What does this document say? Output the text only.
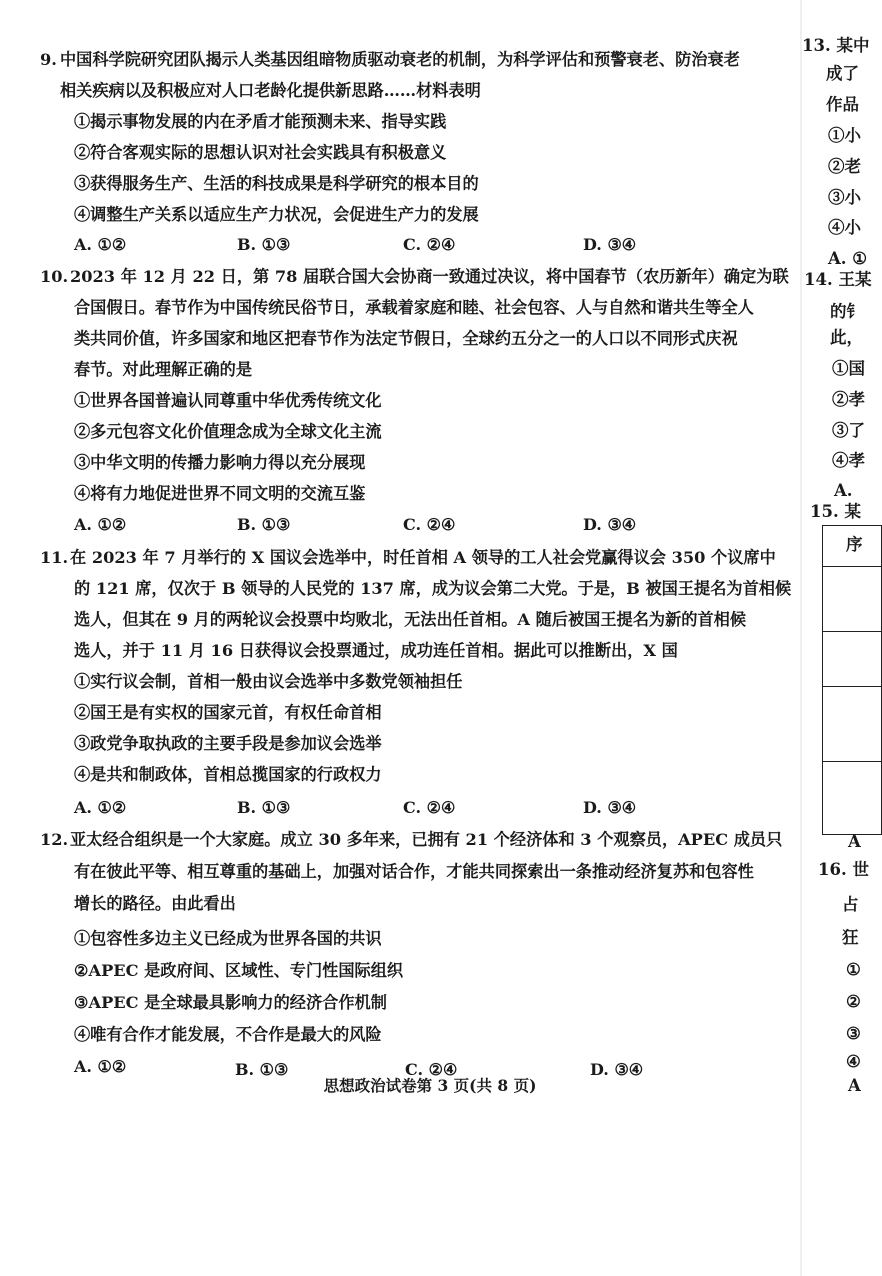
9. 中国科学院研究团队揭示人类基因组暗物质驱动衰老的机制，为科学评估和预警衰老、防治衰老
相关疾病以及积极应对人口老龄化提供新思路……材料表明
①揭示事物发展的内在矛盾才能预测未来、指导实践
②符合客观实际的思想认识对社会实践具有积极意义
③获得服务生产、生活的科技成果是科学研究的根本目的
④调整生产关系以适应生产力状况，会促进生产力的发展
A. ①②	B. ①③	C. ②④	D. ③④
10. 2023 年 12 月 22 日，第 78 届联合国大会协商一致通过决议，将中国春节（农历新年）确定为联
合国假日。春节作为中国传统民俗节日，承载着家庭和睦、社会包容、人与自然和谐共生等全人
类共同价值，许多国家和地区把春节作为法定节假日，全球约五分之一的人口以不同形式庆祝
春节。对此理解正确的是
①世界各国普遍认同尊重中华优秀传统文化
②多元包容文化价值理念成为全球文化主流
③中华文明的传播力影响力得以充分展现
④将有力地促进世界不同文明的交流互鉴
A. ①②	B. ①③	C. ②④	D. ③④
11. 在 2023 年 7 月举行的 X 国议会选举中，时任首相 A 领导的工人社会党赢得议会 350 个议席中
的 121 席，仅次于 B 领导的人民党的 137 席，成为议会第二大党。于是，B 被国王提名为首相候
选人，但其在 9 月的两轮议会投票中均败北，无法出任首相。A 随后被国王提名为新的首相候
选人，并于 11 月 16 日获得议会投票通过，成功连任首相。据此可以推断出，X 国
①实行议会制，首相一般由议会选举中多数党领袖担任
②国王是有实权的国家元首，有权任命首相
③政党争取执政的主要手段是参加议会选举
④是共和制政体，首相总揽国家的行政权力
A. ①②	B. ①③	C. ②④	D. ③④
12. 亚太经合组织是一个大家庭。成立 30 多年来，已拥有 21 个经济体和 3 个观察员，APEC 成员只
有在彼此平等、相互尊重的基础上，加强对话合作，才能共同探索出一条推动经济复苏和包容性
增长的路径。由此看出
①包容性多边主义已经成为世界各国的共识
②APEC 是政府间、区域性、专门性国际组织
③APEC 是全球最具影响力的经济合作机制
④唯有合作才能发展，不合作是最大的风险
A. ①②	B. ①③	C. ②④	D. ③④
思想政治试卷第 3 页(共 8 页)
13. 某中
成了
作品
①小
②老
③小
④小
A. ①
14. 王某
的钅
此，
①国
②孝
③了
④孝
A.
15. 某
序
A
16. 世
占
狂
①
②
③
④
A
